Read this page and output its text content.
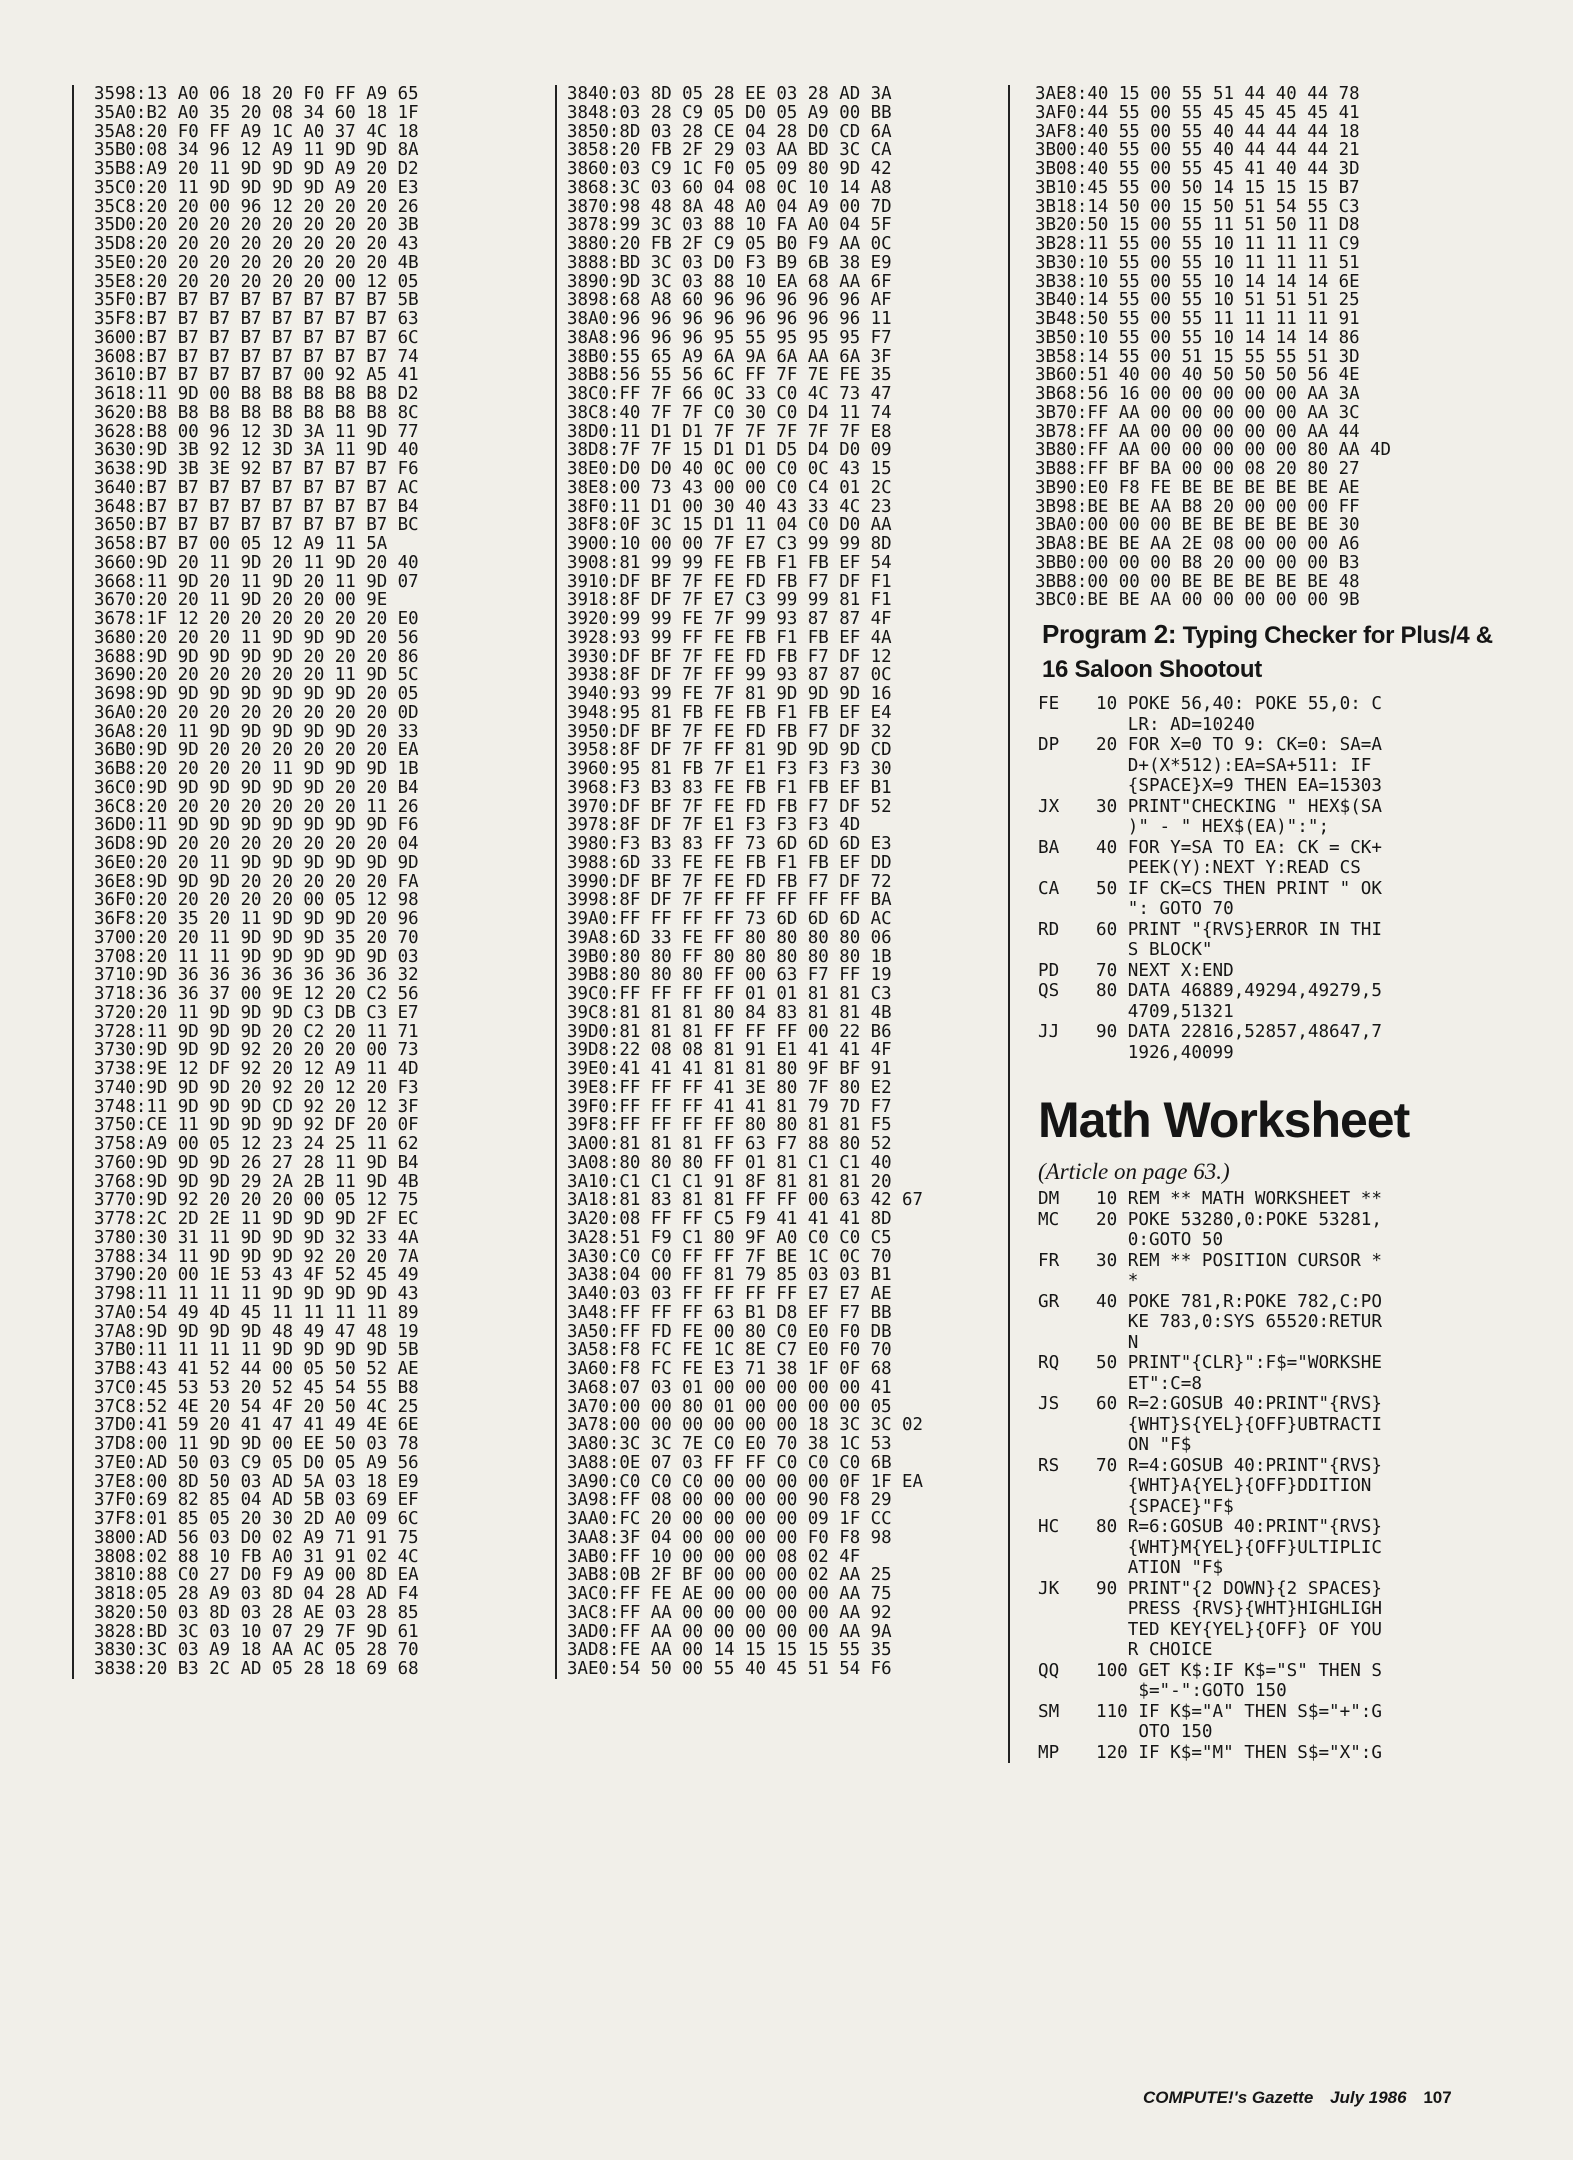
3598:13 A0 06 18 20 F0 FF A9 65
35A0:B2 A0 35 20 08 34 60 18 1F
35A8:20 F0 FF A9 1C A0 37 4C 18
35B0:08 34 96 12 A9 11 9D 9D 8A
35B8:A9 20 11 9D 9D 9D A9 20 D2
35C0:20 11 9D 9D 9D 9D A9 20 E3
35C8:20 20 00 96 12 20 20 20 26
35D0:20 20 20 20 20 20 20 20 3B
35D8:20 20 20 20 20 20 20 20 43
35E0:20 20 20 20 20 20 20 20 4B
35E8:20 20 20 20 20 20 00 12 05
35F0:B7 B7 B7 B7 B7 B7 B7 B7 5B
35F8:B7 B7 B7 B7 B7 B7 B7 B7 63
3600:B7 B7 B7 B7 B7 B7 B7 B7 6C
3608:B7 B7 B7 B7 B7 B7 B7 B7 74
3610:B7 B7 B7 B7 B7 00 92 A5 41
3618:11 9D 00 B8 B8 B8 B8 B8 D2
3620:B8 B8 B8 B8 B8 B8 B8 B8 8C
3628:B8 00 96 12 3D 3A 11 9D 77
3630:9D 3B 92 12 3D 3A 11 9D 40
3638:9D 3B 3E 92 B7 B7 B7 B7 F6
3640:B7 B7 B7 B7 B7 B7 B7 B7 AC
3648:B7 B7 B7 B7 B7 B7 B7 B7 B4
3650:B7 B7 B7 B7 B7 B7 B7 B7 BC
3658:B7 B7 00 05 12 A9 11 5A
3660:9D 20 11 9D 20 11 9D 20 40
3668:11 9D 20 11 9D 20 11 9D 07
3670:20 20 11 9D 20 20 00 9E
3678:1F 12 20 20 20 20 20 20 E0
3680:20 20 20 11 9D 9D 9D 20 56
3688:9D 9D 9D 9D 9D 20 20 20 86
3690:20 20 20 20 20 20 11 9D 5C
3698:9D 9D 9D 9D 9D 9D 9D 20 05
36A0:20 20 20 20 20 20 20 20 0D
36A8:20 11 9D 9D 9D 9D 9D 20 33
36B0:9D 9D 20 20 20 20 20 20 EA
36B8:20 20 20 20 11 9D 9D 9D 1B
36C0:9D 9D 9D 9D 9D 9D 20 20 B4
36C8:20 20 20 20 20 20 20 11 26
36D0:11 9D 9D 9D 9D 9D 9D 9D F6
36D8:9D 20 20 20 20 20 20 20 04
36E0:20 20 11 9D 9D 9D 9D 9D 9D
36E8:9D 9D 9D 20 20 20 20 20 FA
36F0:20 20 20 20 20 00 05 12 98
36F8:20 35 20 11 9D 9D 9D 20 96
3700:20 20 11 9D 9D 9D 35 20 70
3708:20 11 11 9D 9D 9D 9D 9D 03
3710:9D 36 36 36 36 36 36 36 32
3718:36 36 37 00 9E 12 20 C2 56
3720:20 11 9D 9D 9D C3 DB C3 E7
3728:11 9D 9D 9D 20 C2 20 11 71
3730:9D 9D 9D 92 20 20 20 00 73
3738:9E 12 DF 92 20 12 A9 11 4D
3740:9D 9D 9D 20 92 20 12 20 F3
3748:11 9D 9D 9D CD 92 20 12 3F
3750:CE 11 9D 9D 9D 92 DF 20 0F
3758:A9 00 05 12 23 24 25 11 62
3760:9D 9D 9D 26 27 28 11 9D B4
3768:9D 9D 9D 29 2A 2B 11 9D 4B
3770:9D 92 20 20 20 00 05 12 75
3778:2C 2D 2E 11 9D 9D 9D 2F EC
3780:30 31 11 9D 9D 9D 32 33 4A
3788:34 11 9D 9D 9D 92 20 20 7A
3790:20 00 1E 53 43 4F 52 45 49
3798:11 11 11 11 9D 9D 9D 9D 43
37A0:54 49 4D 45 11 11 11 11 89
37A8:9D 9D 9D 9D 48 49 47 48 19
37B0:11 11 11 11 9D 9D 9D 9D 5B
37B8:43 41 52 44 00 05 50 52 AE
37C0:45 53 53 20 52 45 54 55 B8
37C8:52 4E 20 54 4F 20 50 4C 25
37D0:41 59 20 41 47 41 49 4E 6E
37D8:00 11 9D 9D 00 EE 50 03 78
37E0:AD 50 03 C9 05 D0 05 A9 56
37E8:00 8D 50 03 AD 5A 03 18 E9
37F0:69 82 85 04 AD 5B 03 69 EF
37F8:01 85 05 20 30 2D A0 09 6C
3800:AD 56 03 D0 02 A9 71 91 75
3808:02 88 10 FB A0 31 91 02 4C
3810:88 C0 27 D0 F9 A9 00 8D EA
3818:05 28 A9 03 8D 04 28 AD F4
3820:50 03 8D 03 28 AE 03 28 85
3828:BD 3C 03 10 07 29 7F 9D 61
3830:3C 03 A9 18 AA AC 05 28 70
3838:20 B3 2C AD 05 28 18 69 68
3840:03 8D 05 28 EE 03 28 AD 3A
3848:03 28 C9 05 D0 05 A9 00 BB
3850:8D 03 28 CE 04 28 D0 CD 6A
3858:20 FB 2F 29 03 AA BD 3C CA
3860:03 C9 1C F0 05 09 80 9D 42
3868:3C 03 60 04 08 0C 10 14 A8
3870:98 48 8A 48 A0 04 A9 00 7D
3878:99 3C 03 88 10 FA A0 04 5F
3880:20 FB 2F C9 05 B0 F9 AA 0C
3888:BD 3C 03 D0 F3 B9 6B 38 E9
3890:9D 3C 03 88 10 EA 68 AA 6F
3898:68 A8 60 96 96 96 96 96 AF
38A0:96 96 96 96 96 96 96 96 11
38A8:96 96 96 95 55 95 95 95 F7
38B0:55 65 A9 6A 9A 6A AA 6A 3F
38B8:56 55 56 6C FF 7F 7E FE 35
38C0:FF 7F 66 0C 33 C0 4C 73 47
38C8:40 7F 7F C0 30 C0 D4 11 74
38D0:11 D1 D1 7F 7F 7F 7F 7F E8
38D8:7F 7F 15 D1 D1 D5 D4 D0 09
38E0:D0 D0 40 0C 00 C0 0C 43 15
38E8:00 73 43 00 00 C0 C4 01 2C
38F0:11 D1 00 30 40 43 33 4C 23
38F8:0F 3C 15 D1 11 04 C0 D0 AA
3900:10 00 00 7F E7 C3 99 99 8D
3908:81 99 99 FE FB F1 FB EF 54
3910:DF BF 7F FE FD FB F7 DF F1
3918:8F DF 7F E7 C3 99 99 81 F1
3920:99 99 FE 7F 99 93 87 87 4F
3928:93 99 FF FE FB F1 FB EF 4A
3930:DF BF 7F FE FD FB F7 DF 12
3938:8F DF 7F FF 99 93 87 87 0C
3940:93 99 FE 7F 81 9D 9D 9D 16
3948:95 81 FB FE FB F1 FB EF E4
3950:DF BF 7F FE FD FB F7 DF 32
3958:8F DF 7F FF 81 9D 9D 9D CD
3960:95 81 FB 7F E1 F3 F3 F3 30
3968:F3 B3 83 FE FB F1 FB EF B1
3970:DF BF 7F FE FD FB F7 DF 52
3978:8F DF 7F E1 F3 F3 F3 4D
3980:F3 B3 83 FF 73 6D 6D 6D E3
3988:6D 33 FE FE FB F1 FB EF DD
3990:DF BF 7F FE FD FB F7 DF 72
3998:8F DF 7F FF FF FF FF FF BA
39A0:FF FF FF FF 73 6D 6D 6D AC
39A8:6D 33 FE FF 80 80 80 80 06
39B0:80 80 FF 80 80 80 80 80 1B
39B8:80 80 80 FF 00 63 F7 FF 19
39C0:FF FF FF FF 01 01 81 81 C3
39C8:81 81 81 80 84 83 81 81 4B
39D0:81 81 81 FF FF FF 00 22 B6
39D8:22 08 08 81 91 E1 41 41 4F
39E0:41 41 41 81 81 80 9F BF 91
39E8:FF FF FF 41 3E 80 7F 80 E2
39F0:FF FF FF 41 41 81 79 7D F7
39F8:FF FF FF FF 80 80 81 81 F5
3A00:81 81 81 FF 63 F7 88 80 52
3A08:80 80 80 FF 01 81 C1 C1 40
3A10:C1 C1 C1 91 8F 81 81 81 20
3A18:81 83 81 81 FF FF 00 63 42 67
3A20:08 FF FF C5 F9 41 41 41 8D
3A28:51 F9 C1 80 9F A0 C0 C0 C5
3A30:C0 C0 FF FF 7F BE 1C 0C 70
3A38:04 00 FF 81 79 85 03 03 B1
3A40:03 03 FF FF FF FF E7 E7 AE
3A48:FF FF FF 63 B1 D8 EF F7 BB
3A50:FF FD FE 00 80 C0 E0 F0 DB
3A58:F8 FC FE 1C 8E C7 E0 F0 70
3A60:F8 FC FE E3 71 38 1F 0F 68
3A68:07 03 01 00 00 00 00 00 41
3A70:00 00 80 01 00 00 00 00 05
3A78:00 00 00 00 00 00 18 3C 3C 02
3A80:3C 3C 7E C0 E0 70 38 1C 53
3A88:0E 07 03 FF FF C0 C0 C0 6B
3A90:C0 C0 C0 00 00 00 00 0F 1F EA
3A98:FF 08 00 00 00 00 90 F8 29
3AA0:FC 20 00 00 00 00 09 1F CC
3AA8:3F 04 00 00 00 00 F0 F8 98
3AB0:FF 10 00 00 00 08 02 4F
3AB8:0B 2F BF 00 00 00 02 AA 25
3AC0:FF FE AE 00 00 00 00 AA 75
3AC8:FF AA 00 00 00 00 00 AA 92
3AD0:FF AA 00 00 00 00 00 AA 9A
3AD8:FE AA 00 14 15 15 15 55 35
3AE0:54 50 00 55 40 45 51 54 F6
3AE8:40 15 00 55 51 44 40 44 78
3AF0:44 55 00 55 45 45 45 45 41
3AF8:40 55 00 55 40 44 44 44 18
3B00:40 55 00 55 40 44 44 44 21
3B08:40 55 00 55 45 41 40 44 3D
3B10:45 55 00 50 14 15 15 15 B7
3B18:14 50 00 15 50 51 54 55 C3
3B20:50 15 00 55 11 51 50 11 D8
3B28:11 55 00 55 10 11 11 11 C9
3B30:10 55 00 55 10 11 11 11 51
3B38:10 55 00 55 10 14 14 14 6E
3B40:14 55 00 55 10 51 51 51 25
3B48:50 55 00 55 11 11 11 11 91
3B50:10 55 00 55 10 14 14 14 86
3B58:14 55 00 51 15 55 55 51 3D
3B60:51 40 00 40 50 50 50 56 4E
3B68:56 16 00 00 00 00 00 AA 3A
3B70:FF AA 00 00 00 00 00 AA 3C
3B78:FF AA 00 00 00 00 00 AA 44
3B80:FF AA 00 00 00 00 00 80 AA 4D
3B88:FF BF BA 00 00 08 20 80 27
3B90:E0 F8 FE BE BE BE BE BE AE
3B98:BE BE AA B8 20 00 00 00 FF
3BA0:00 00 00 BE BE BE BE BE 30
3BA8:BE BE AA 2E 08 00 00 00 A6
3BB0:00 00 00 B8 20 00 00 00 B3
3BB8:00 00 00 BE BE BE BE BE 48
3BC0:BE BE AA 00 00 00 00 00 9B
Program 2: Typing Checker for Plus/4 & 16 Saloon Shootout
FE	10 POKE 56,40: POKE 55,0: C
LR: AD=10240
DP	20 FOR X=0 TO 9: CK=0: SA=A
D+(X*512):EA=SA+511: IF
{SPACE}X=9 THEN EA=15303
JX	30 PRINT"CHECKING " HEX$(SA
)" - " HEX$(EA)":";
BA	40 FOR Y=SA TO EA: CK = CK+
PEEK(Y):NEXT Y:READ CS
CA	50 IF CK=CS THEN PRINT " OK
": GOTO 70
RD	60 PRINT "{RVS}ERROR IN THI
S BLOCK"
PD	70 NEXT X:END
QS	80 DATA 46889,49294,49279,5
4709,51321
JJ	90 DATA 22816,52857,48647,7
1926,40099
Math Worksheet
(Article on page 63.)
DM	10 REM ** MATH WORKSHEET **
MC	20 POKE 53280,0:POKE 53281,
0:GOTO 50
FR	30 REM ** POSITION CURSOR *
*
GR	40 POKE 781,R:POKE 782,C:PO
KE 783,0:SYS 65520:RETUR
N
RQ	50 PRINT"{CLR}":F$="WORKSHE
ET":C=8
JS	60 R=2:GOSUB 40:PRINT"{RVS}
{WHT}S{YEL}{OFF}UBTRACTI
ON "F$
RS	70 R=4:GOSUB 40:PRINT"{RVS}
{WHT}A{YEL}{OFF}DDITION
{SPACE}"F$
HC	80 R=6:GOSUB 40:PRINT"{RVS}
{WHT}M{YEL}{OFF}ULTIPLIC
ATION "F$
JK	90 PRINT"{2 DOWN}{2 SPACES}
PRESS {RVS}{WHT}HIGHLIGH
TED KEY{YEL}{OFF} OF YOU
R CHOICE
QQ	100 GET K$:IF K$="S" THEN S
$="-":GOTO 150
SM	110 IF K$="A" THEN S$="+":G
OTO 150
MP	120 IF K$="M" THEN S$="X":G
COMPUTE!'s Gazette July 1986 107
